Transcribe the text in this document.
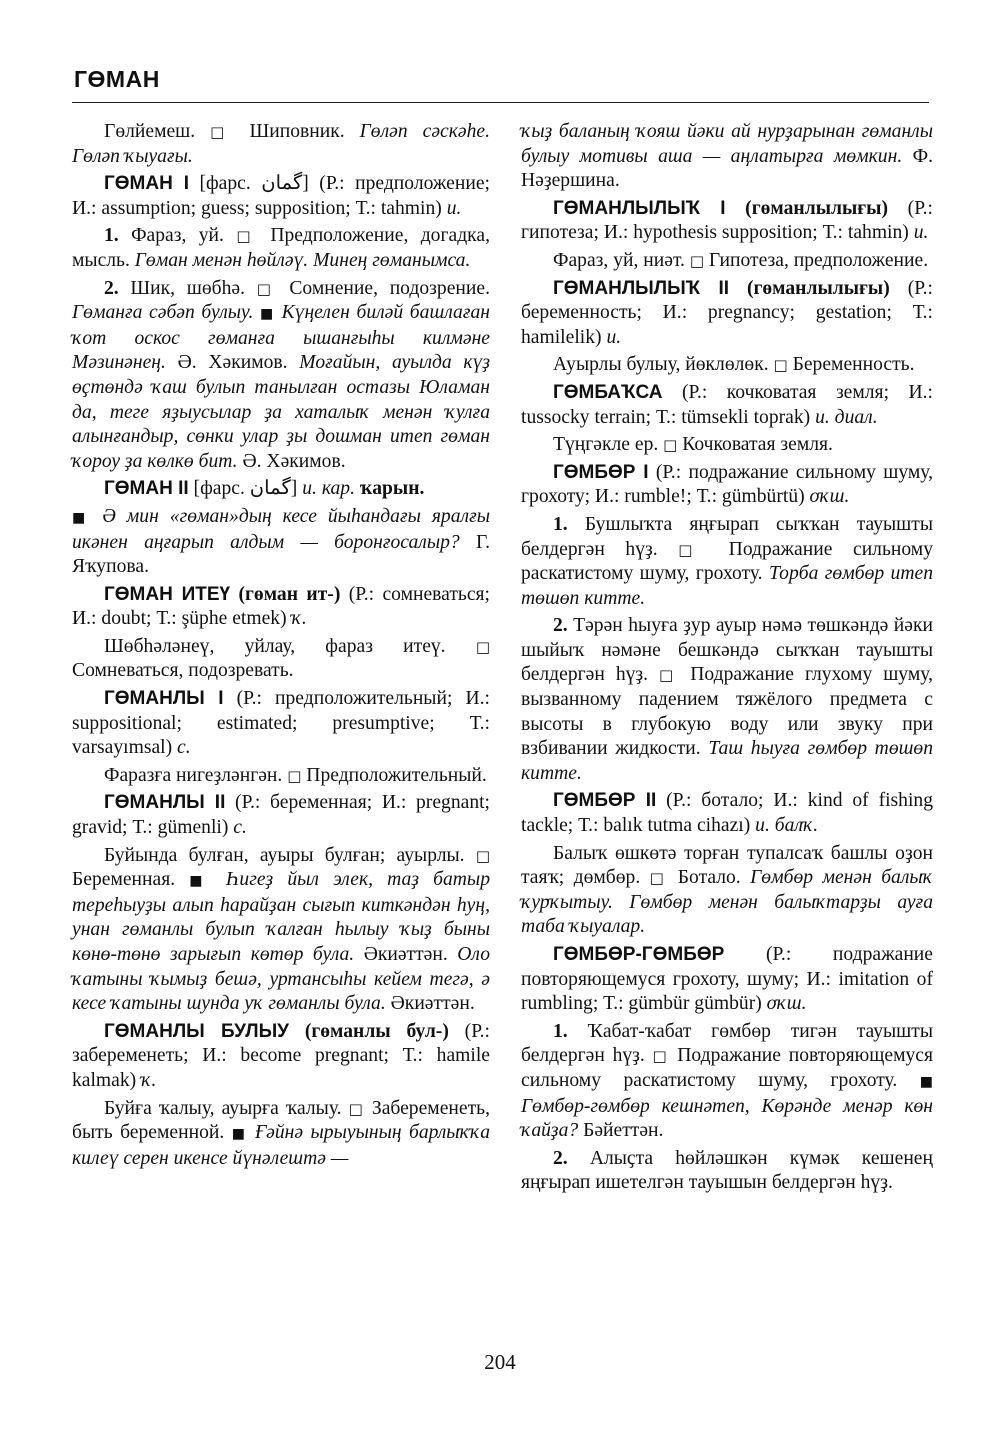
ГӨМАН

Гөлйемеш. □ Шиповник. Гөләп сәскәһе. Гөләп ҡыуағы.

ГӨМАН I [фарс. گمان] (Р.: предположение; И.: assumption; guess; supposition; Т.: tahmin) и.

1. Фараз, уй. □ Предположение, догадка, мысль. Гөман менән һөйләү. Минең гөманымса.

2. Шик, шөбһә. □ Сомнение, подозрение. Гөманға сәбәп булыу. ■ Күңелен биләй башлаған ҡот оскос гөманға ышанғыһы килмәне Мәзинәнең. Ә. Хәкимов. Моғайын, ауылда күҙ өҫтөндә ҡаш булып танылған остазы Юламан да, теге яҙыусылар ҙа хаталыҡ менән ҡулға алынғандыр, сөнки улар ҙы дошман итеп гөман ҡороу ҙа көлкө бит. Ә. Хәкимов.

ГӨМАН II [фарс. گمان] и. кар. ҡарын.

■ Ә мин «гөман»дың кесе йыһандағы яралғы икәнен аңғарып алдым — боронғосалыр? Г. Яҡупова.

ГӨМАН ИТЕҮ (гөман ит-) (Р.: сомневаться; И.: doubt; Т.: şüphe etmek) ҡ.

Шөбһәләнеү, уйлау, фараз итеү. □ Сомневаться, подозревать.

ГӨМАНЛЫ I (Р.: предположительный; И.: suppositional; estimated; presumptive; Т.: varsayımsal) с.

Фаразға нигеҙләнгән. □ Предположительный.

ГӨМАНЛЫ II (Р.: беременная; И.: pregnant; gravid; Т.: gümenli) с.

Буйында булған, ауыры булған; ауырлы. □ Беременная. ■ Һигеҙ йыл элек, таҙ батыр тереһыуҙы алып һарайҙан сығып киткәндән һуң, унан гөманлы булып ҡалған һылыу ҡыҙ быны көнө-төнө зарығып көтөр була. Әкиәттән. Оло ҡатыны ҡымыҙ бешә, уртансыһы кейем тегә, ә кесе ҡатыны шунда уҡ гөманлы була. Әкиәттән.

ГӨМАНЛЫ БУЛЫУ (гөманлы бул-) (Р.: забеременеть; И.: become pregnant; Т.: hamile kalmak) ҡ.

Буйға ҡалыу, ауырға ҡалыу. □ Забеременеть, быть беременной. ■ Ғәйнә ырыуының барлыҡҡа килеү серен икенсе йүнәлештә —

ҡыҙ баланың ҡояш йәки ай нурҙарынан гөманлы булыу мотивы аша — аңлатырға мөмкин. Ф. Нәҙершина.

ГӨМАНЛЫЛЫҠ I (гөманлылығы) (Р.: гипотеза; И.: hypothesis supposition; Т.: tahmin) и.

Фараз, уй, ниәт. □ Гипотеза, предположение.

ГӨМАНЛЫЛЫҠ II (гөманлылығы) (Р.: беременность; И.: pregnancy; gestation; Т.: hamilelik) и.

Ауырлы булыу, йөклөлөк. □ Беременность.

ГӨМБАҠСА (Р.: кочковатая земля; И.: tussocky terrain; Т.: tümsekli toprak) и. диал.

Түңгәкле ер. □ Кочковатая земля.

ГӨМБӨР I (Р.: подражание сильному шуму, грохоту; И.: rumble!; Т.: gümbürtü) оҡш.

1. Бушлыҡта яңғырап сыҡҡан тауышты белдергән һүҙ. □ Подражание сильному раскатистому шуму, грохоту. Торба гөмбөр итеп төшөп китте.

2. Тәрән һыуға ҙур ауыр нәмә төшкәндә йәки шыйыҡ нәмәне бешкәндә сыҡҡан тауышты белдергән һүҙ. □ Подражание глухому шуму, вызванному падением тяжёлого предмета с высоты в глубокую воду или звуку при взбивании жидкости. Таш һыуға гөмбөр төшөп китте.

ГӨМБӨР II (Р.: ботало; И.: kind of fishing tackle; Т.: balık tutma cihazı) и. балҡ.

Балыҡ өшкөтә торған тупалсаҡ башлы оҙон таяҡ; дөмбөр. □ Ботало. Гөмбөр менән балыҡ ҡурҡытыу. Гөмбөр менән балыҡтарҙы ауға таба ҡыуалар.

ГӨМБӨР-ГӨМБӨР (Р.: подражание повторяющемуся грохоту, шуму; И.: imitation of rumbling; Т.: gümbür gümbür) оҡш.

1. Ҡабат-ҡабат гөмбөр тигән тауышты белдергән һүҙ. □ Подражание повторяющемуся сильному раскатистому шуму, грохоту. ■ Гөмбөр-гөмбөр кешнәтеп, Көрәнде менәр көн ҡайҙа? Бәйеттән.

2. Алыҫта һөйләшкән күмәк кешенең яңғырап ишетелгән тауышын белдергән һүҙ.

204
